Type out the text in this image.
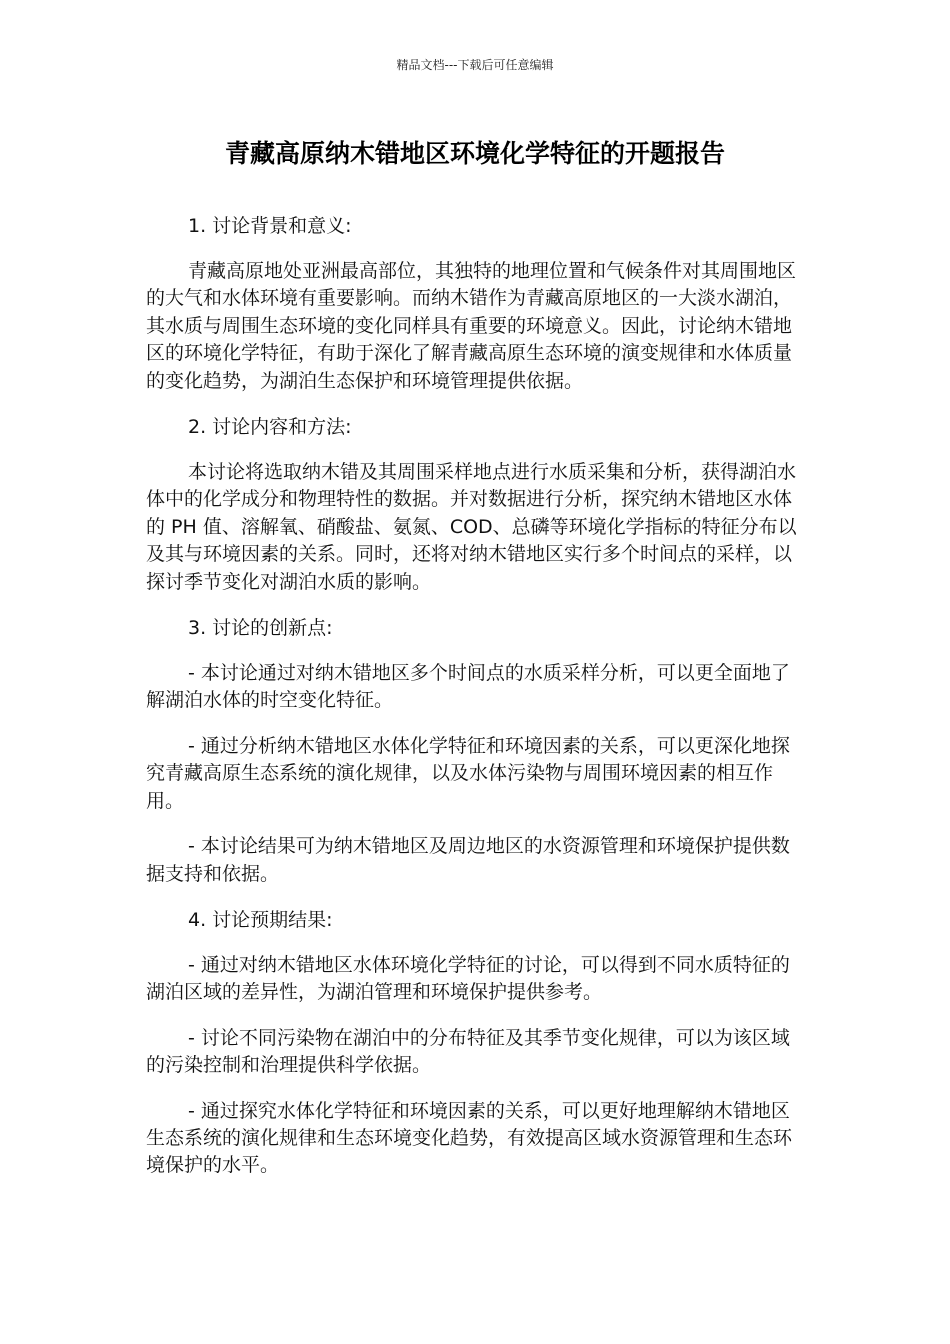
精品文档---下载后可任意编辑
青藏高原纳木错地区环境化学特征的开题报告

1. 讨论背景和意义:

青藏高原地处亚洲最高部位，其独特的地理位置和气候条件对其周围地区的大气和水体环境有重要影响。而纳木错作为青藏高原地区的一大淡水湖泊，其水质与周围生态环境的变化同样具有重要的环境意义。因此，讨论纳木错地区的环境化学特征，有助于深化了解青藏高原生态环境的演变规律和水体质量的变化趋势，为湖泊生态保护和环境管理提供依据。

2. 讨论内容和方法:

本讨论将选取纳木错及其周围采样地点进行水质采集和分析，获得湖泊水体中的化学成分和物理特性的数据。并对数据进行分析，探究纳木错地区水体的 PH 值、溶解氧、硝酸盐、氨氮、COD、总磷等环境化学指标的特征分布以及其与环境因素的关系。同时，还将对纳木错地区实行多个时间点的采样，以探讨季节变化对湖泊水质的影响。

3. 讨论的创新点:

- 本讨论通过对纳木错地区多个时间点的水质采样分析，可以更全面地了解湖泊水体的时空变化特征。

- 通过分析纳木错地区水体化学特征和环境因素的关系，可以更深化地探究青藏高原生态系统的演化规律，以及水体污染物与周围环境因素的相互作用。

- 本讨论结果可为纳木错地区及周边地区的水资源管理和环境保护提供数据支持和依据。

4. 讨论预期结果:

- 通过对纳木错地区水体环境化学特征的讨论，可以得到不同水质特征的湖泊区域的差异性，为湖泊管理和环境保护提供参考。

- 讨论不同污染物在湖泊中的分布特征及其季节变化规律，可以为该区域的污染控制和治理提供科学依据。

- 通过探究水体化学特征和环境因素的关系，可以更好地理解纳木错地区生态系统的演化规律和生态环境变化趋势，有效提高区域水资源管理和生态环境保护的水平。
